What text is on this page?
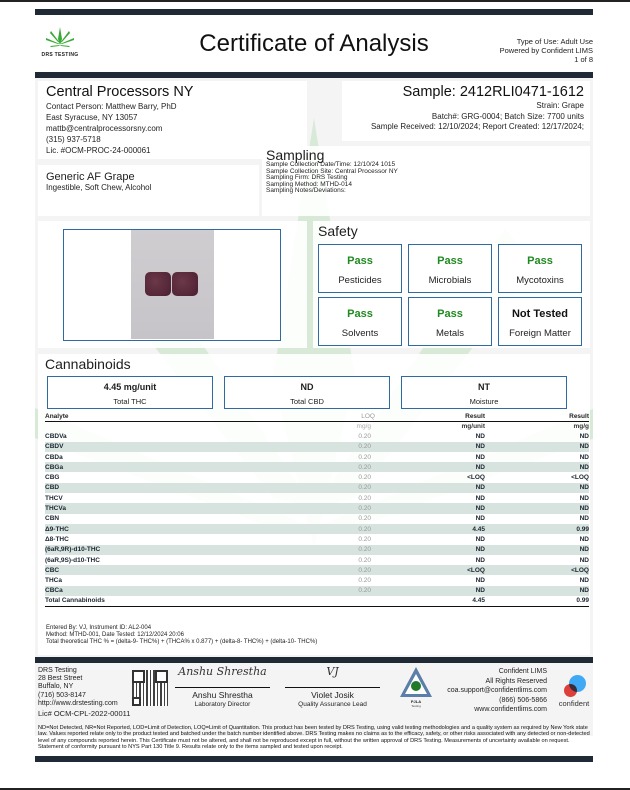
DRS TESTING	Certificate of Analysis	Type of Use: Adult Use
Powered by Confident LIMS
1 of 8
Central Processors NY
Contact Person: Matthew Barry, PhD
East Syracuse, NY 13057
mattb@centralprocessorsny.com
(315) 937-5718
Lic. #OCM-PROC-24-000061
Sample: 2412RLI0471-1612
Strain: Grape
Batch#: GRG-0004; Batch Size: 7700 units
Sample Received: 12/10/2024; Report Created: 12/17/2024;
Generic AF Grape
Ingestible, Soft Chew, Alcohol
Sampling
Sample Collection Date/Time: 12/10/24 1015
Sample Collection Site: Central Processor NY
Sampling Firm: DRS Testing
Sampling Method: MTHD-014
Sampling Notes/Deviations:
Safety
Pass
Pesticides
Pass
Microbials
Pass
Mycotoxins
Pass
Solvents
Pass
Metals
Not Tested
Foreign Matter
Cannabinoids
4.45 mg/unit
Total THC
ND
Total CBD
NT
Moisture
Analyte	LOQ	Result	Result
	mg/g	mg/unit	mg/g
CBDVa	0.20	ND	ND
CBDV	0.20	ND	ND
CBDa	0.20	ND	ND
CBGa	0.20	ND	ND
CBG	0.20	<LOQ	<LOQ
CBD	0.20	ND	ND
THCV	0.20	ND	ND
THCVa	0.20	ND	ND
CBN	0.20	ND	ND
Δ9-THC	0.20	4.45	0.99
Δ8-THC	0.20	ND	ND
(6aR,9R)-d10-THC	0.20	ND	ND
(6aR,9S)-d10-THC	0.20	ND	ND
CBC	0.20	<LOQ	<LOQ
THCa	0.20	ND	ND
CBCa	0.20	ND	ND
Total Cannabinoids		4.45	0.99
Entered By: VJ, Instrument ID: AL2-004
Method: MTHD-001, Date Tested: 12/12/2024 20:06
Total theoretical THC % = (delta-9- THC%) + (THCA% x 0.877) + (delta-8- THC%) + (delta-10- THC%)
DRS Testing
28 Best Street
Buffalo, NY
(716) 503-8147
http://www.drstesting.com
Lic# OCM-CPL-2022-00011
Anshu Shrestha
Anshu Shrestha
Laboratory Director
VJ
Violet Josik
Quality Assurance Lead	PJLA
Testing
Confident LIMS
All Rights Reserved
coa.support@confidentlims.com
(866) 506-5866
www.confidentlims.com
confident
ND=Not Detected, NR=Not Reported, LOD=Limit of Detection, LOQ=Limit of Quantitation. This product has been tested by DRS Testing, using valid testing methodologies and a quality system as required by New York state law. Values reported relate only to the product tested and batched under the batch number identified above. DRS Testing makes no claims as to the efficacy, safety, or other risks associated with any detected or non-detected level of any compounds reported herein. This Certificate must not be altered, and shall not be reproduced except in full, without the written approval of DRS Testing. Measurements of uncertainty available on request. Statement of conformity pursuant to NYS Part 130 Title 9. Results relate only to the items sampled and tested upon receipt.
